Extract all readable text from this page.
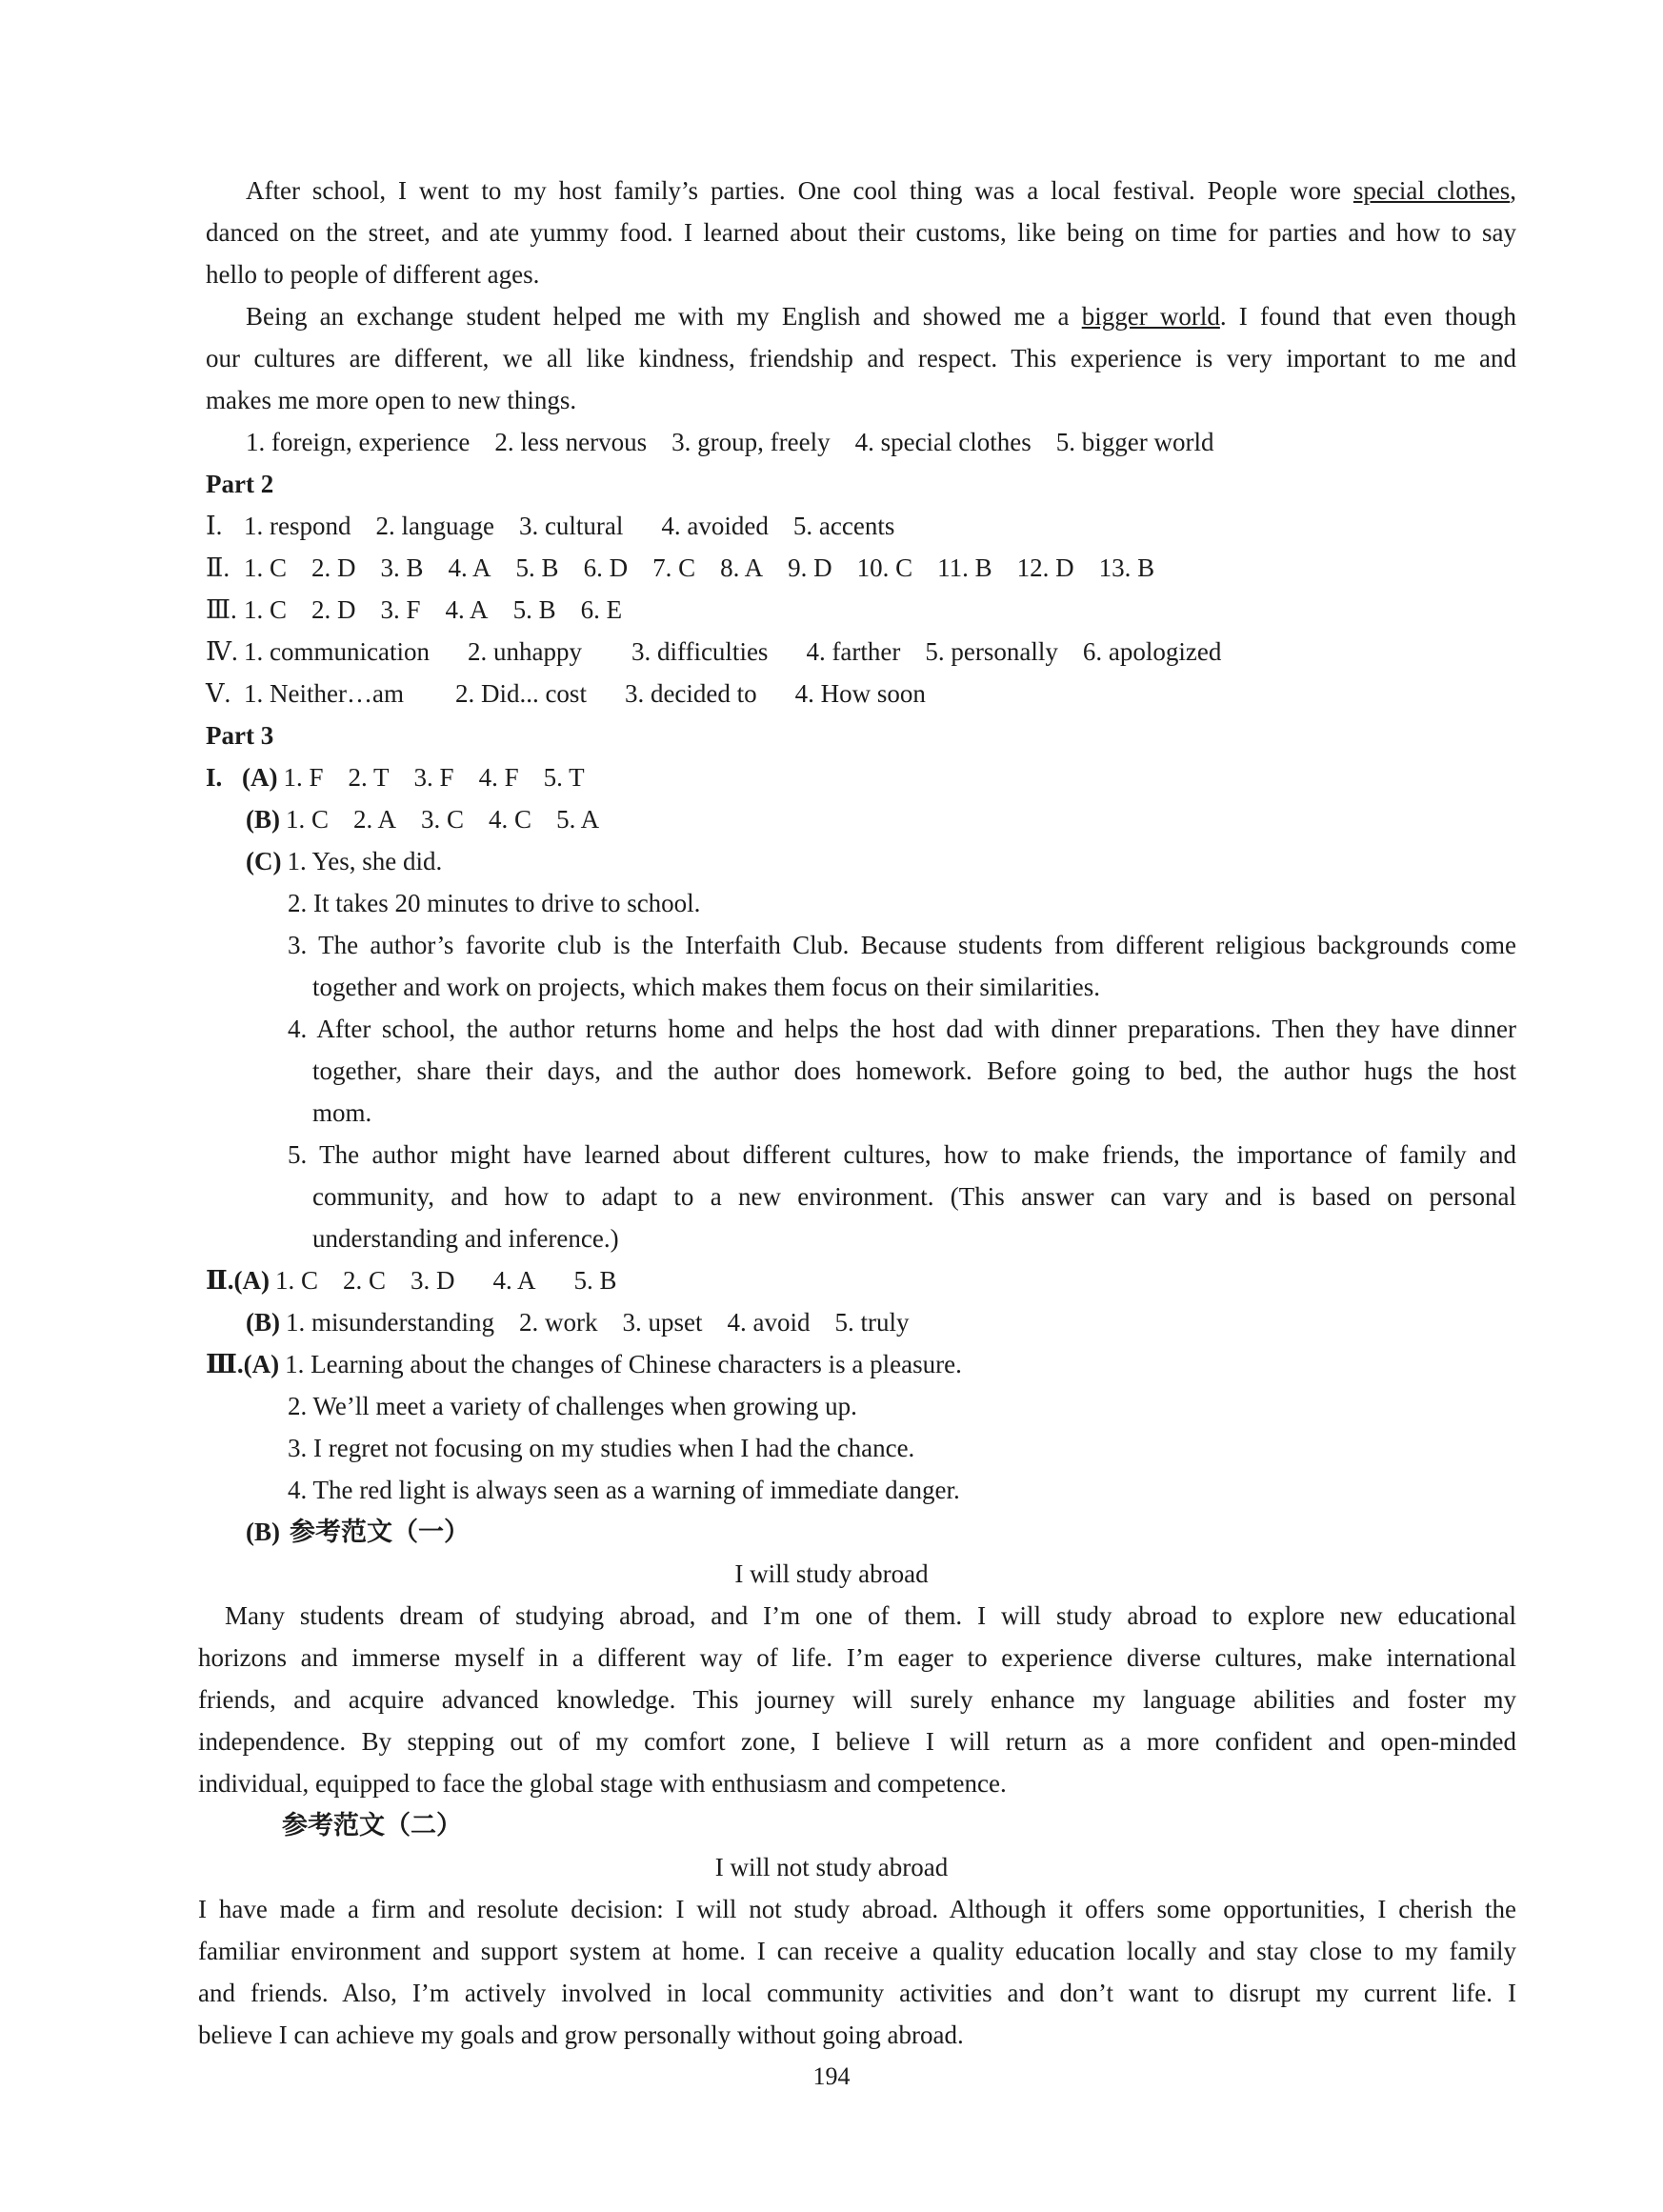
After school, I went to my host family’s parties. One cool thing was a local festival. People wore special clothes,
danced on the street, and ate yummy food. I learned about their customs, like being on time for parties and how to say
hello to people of different ages.
Being an exchange student helped me with my English and showed me a bigger world. I found that even though
our cultures are different, we all like kindness, friendship and respect. This experience is very important to me and
makes me more open to new things.
1. foreign, experience 2. less nervous 3. group, freely 4. special clothes 5. bigger world
Part 2
Ⅰ. 1. respond 2. language 3. cultural 4. avoided 5. accents
Ⅱ. 1. C 2. D 3. B 4. A 5. B 6. D 7. C 8. A 9. D 10. C 11. B 12. D 13. B
Ⅲ. 1. C 2. D 3. F 4. A 5. B 6. E
Ⅳ. 1. communication 2. unhappy 3. difficulties 4. farther 5. personally 6. apologized
Ⅴ. 1. Neither…am 2. Did... cost 3. decided to 4. How soon
Part 3
I. (A) 1. F 2. T 3. F 4. F 5. T
(B) 1. C 2. A 3. C 4. C 5. A
(C) 1. Yes, she did.
2. It takes 20 minutes to drive to school.
3. The author’s favorite club is the Interfaith Club. Because students from different religious backgrounds come
together and work on projects, which makes them focus on their similarities.
4. After school, the author returns home and helps the host dad with dinner preparations. Then they have dinner
together, share their days, and the author does homework. Before going to bed, the author hugs the host
mom.
5. The author might have learned about different cultures, how to make friends, the importance of family and
community, and how to adapt to a new environment. (This answer can vary and is based on personal
understanding and inference.)
Ⅱ.(A) 1. C 2. C 3. D 4. A 5. B
(B) 1. misunderstanding 2. work 3. upset 4. avoid 5. truly
Ⅲ.(A) 1. Learning about the changes of Chinese characters is a pleasure.
2. We’ll meet a variety of challenges when growing up.
3. I regret not focusing on my studies when I had the chance.
4. The red light is always seen as a warning of immediate danger.
(B) 参考范文（一）
I will study abroad
Many students dream of studying abroad, and I’m one of them. I will study abroad to explore new educational
horizons and immerse myself in a different way of life. I’m eager to experience diverse cultures, make international
friends, and acquire advanced knowledge. This journey will surely enhance my language abilities and foster my
independence. By stepping out of my comfort zone, I believe I will return as a more confident and open-minded
individual, equipped to face the global stage with enthusiasm and competence.
参考范文（二）
I will not study abroad
I have made a firm and resolute decision: I will not study abroad. Although it offers some opportunities, I cherish the
familiar environment and support system at home. I can receive a quality education locally and stay close to my family
and friends. Also, I’m actively involved in local community activities and don’t want to disrupt my current life. I
believe I can achieve my goals and grow personally without going abroad.
194
